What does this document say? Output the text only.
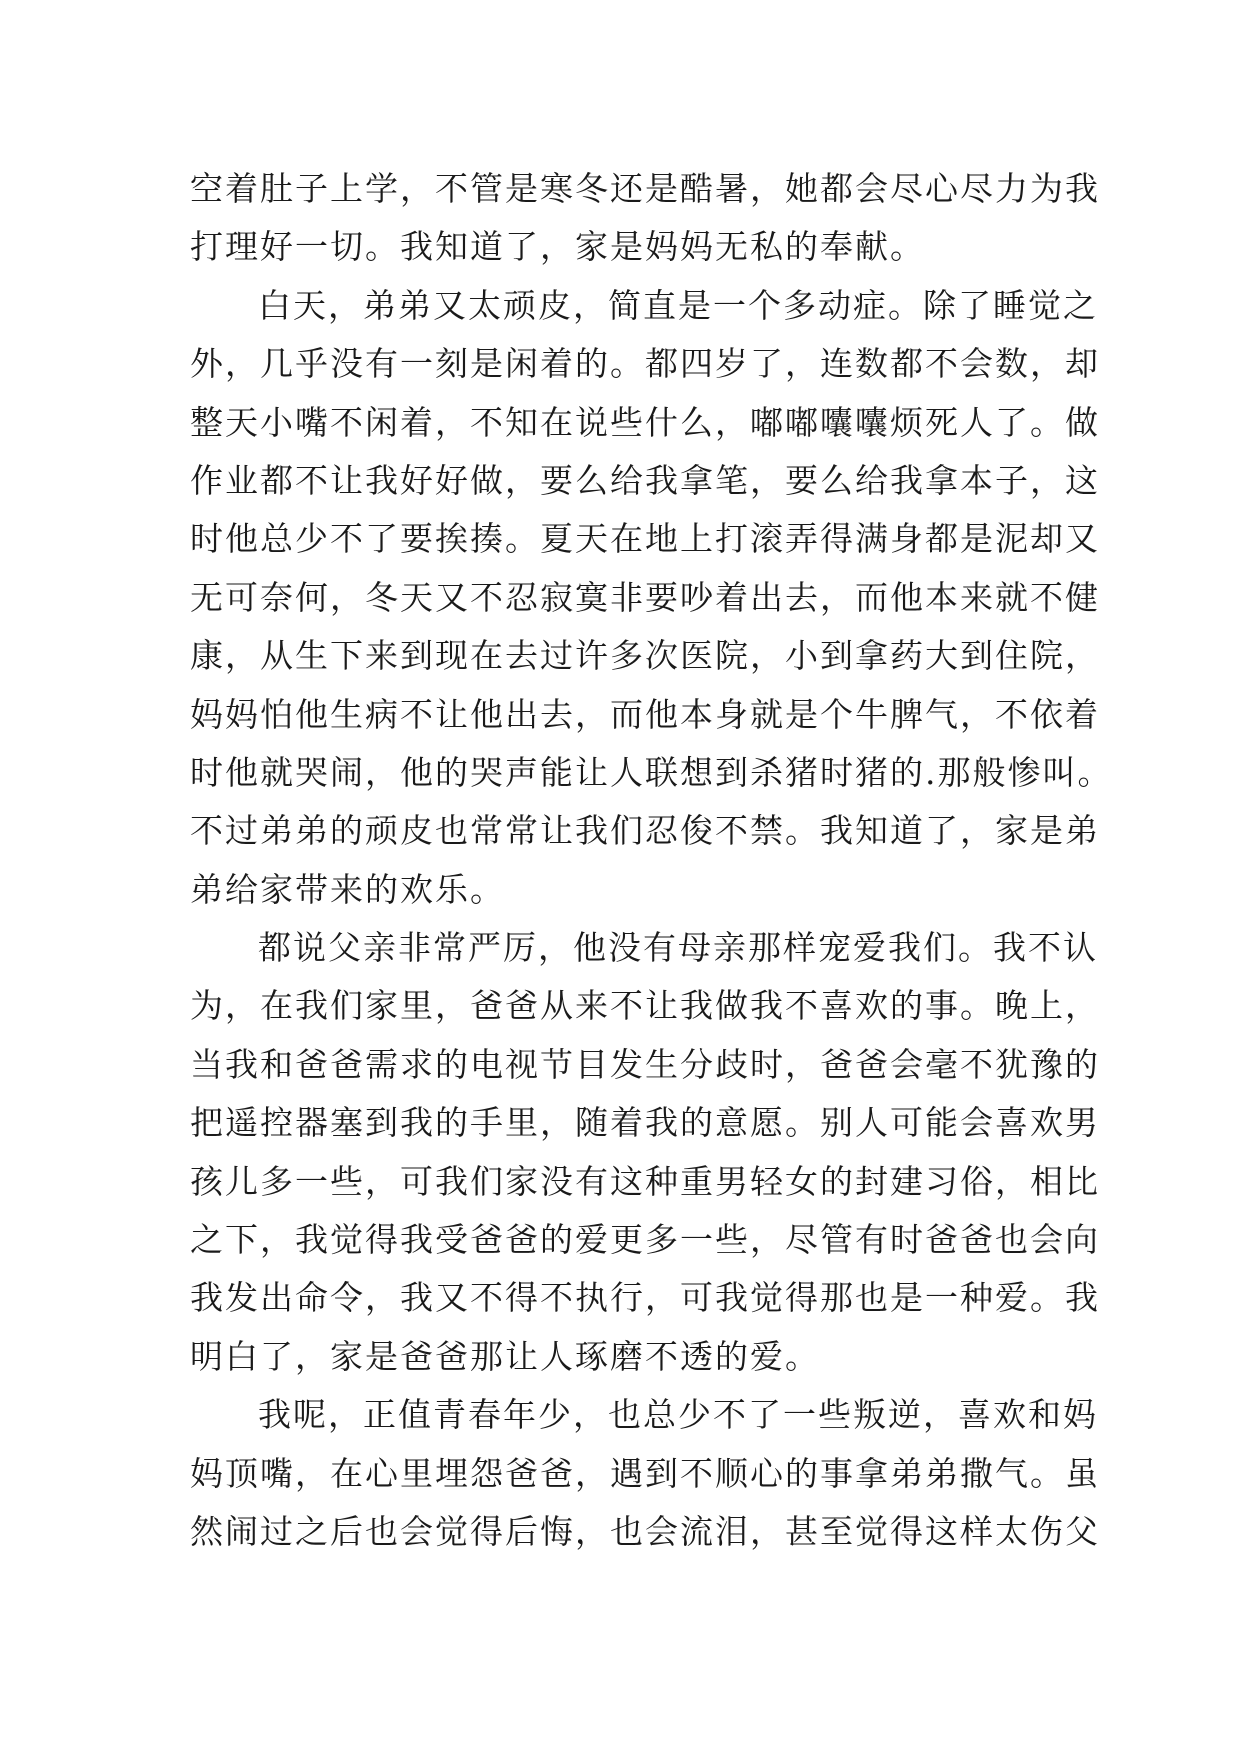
空着肚子上学，不管是寒冬还是酷暑，她都会尽心尽力为我
打理好一切。我知道了，家是妈妈无私的奉献。
白天，弟弟又太顽皮，简直是一个多动症。除了睡觉之
外，几乎没有一刻是闲着的。都四岁了，连数都不会数，却
整天小嘴不闲着，不知在说些什么，嘟嘟囔囔烦死人了。做
作业都不让我好好做，要么给我拿笔，要么给我拿本子，这
时他总少不了要挨揍。夏天在地上打滚弄得满身都是泥却又
无可奈何，冬天又不忍寂寞非要吵着出去，而他本来就不健
康，从生下来到现在去过许多次医院，小到拿药大到住院，
妈妈怕他生病不让他出去，而他本身就是个牛脾气，不依着
时他就哭闹，他的哭声能让人联想到杀猪时猪的.那般惨叫。
不过弟弟的顽皮也常常让我们忍俊不禁。我知道了，家是弟
弟给家带来的欢乐。
都说父亲非常严厉，他没有母亲那样宠爱我们。我不认
为，在我们家里，爸爸从来不让我做我不喜欢的事。晚上，
当我和爸爸需求的电视节目发生分歧时，爸爸会毫不犹豫的
把遥控器塞到我的手里，随着我的意愿。别人可能会喜欢男
孩儿多一些，可我们家没有这种重男轻女的封建习俗，相比
之下，我觉得我受爸爸的爱更多一些，尽管有时爸爸也会向
我发出命令，我又不得不执行，可我觉得那也是一种爱。我
明白了，家是爸爸那让人琢磨不透的爱。
我呢，正值青春年少，也总少不了一些叛逆，喜欢和妈
妈顶嘴，在心里埋怨爸爸，遇到不顺心的事拿弟弟撒气。虽
然闹过之后也会觉得后悔，也会流泪，甚至觉得这样太伤父
